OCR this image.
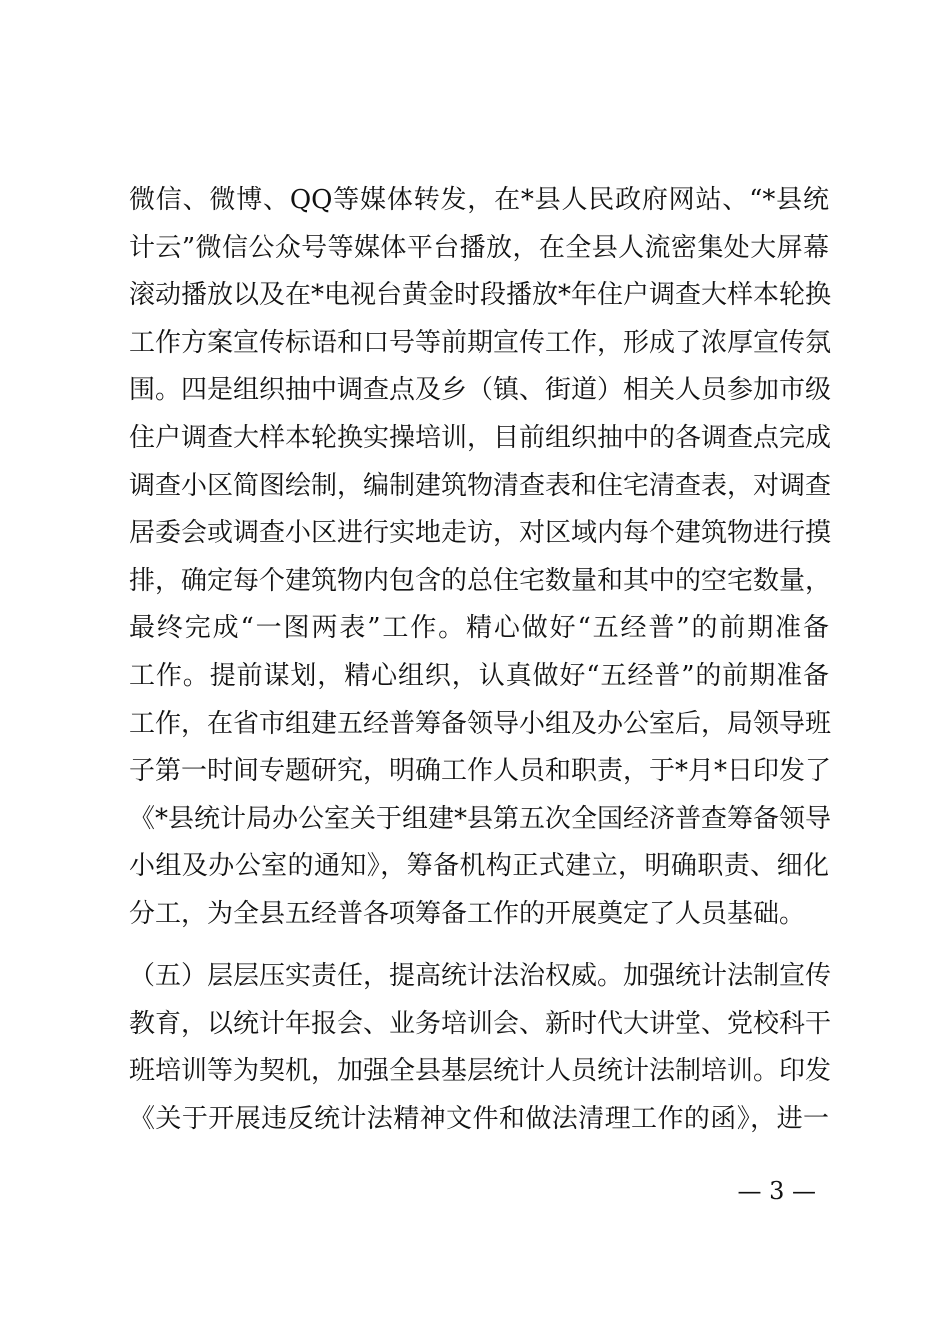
微信、微博、QQ等媒体转发，在*县人民政府网站、“*县统
计云”微信公众号等媒体平台播放，在全县人流密集处大屏幕
滚动播放以及在*电视台黄金时段播放*年住户调查大样本轮换
工作方案宣传标语和口号等前期宣传工作，形成了浓厚宣传氛
围。四是组织抽中调查点及乡（镇、街道）相关人员参加市级
住户调查大样本轮换实操培训，目前组织抽中的各调查点完成
调查小区简图绘制，编制建筑物清查表和住宅清查表，对调查
居委会或调查小区进行实地走访，对区域内每个建筑物进行摸
排，确定每个建筑物内包含的总住宅数量和其中的空宅数量，
最终完成“一图两表”工作。精心做好“五经普”的前期准备
工作。提前谋划，精心组织，认真做好“五经普”的前期准备
工作，在省市组建五经普筹备领导小组及办公室后，局领导班
子第一时间专题研究，明确工作人员和职责，于*月*日印发了
《*县统计局办公室关于组建*县第五次全国经济普查筹备领导
小组及办公室的通知》，筹备机构正式建立，明确职责、细化
分工，为全县五经普各项筹备工作的开展奠定了人员基础。
（五）层层压实责任，提高统计法治权威。加强统计法制宣传
教育，以统计年报会、业务培训会、新时代大讲堂、党校科干
班培训等为契机，加强全县基层统计人员统计法制培训。印发
《关于开展违反统计法精神文件和做法清理工作的函》，进一
— 3 —
